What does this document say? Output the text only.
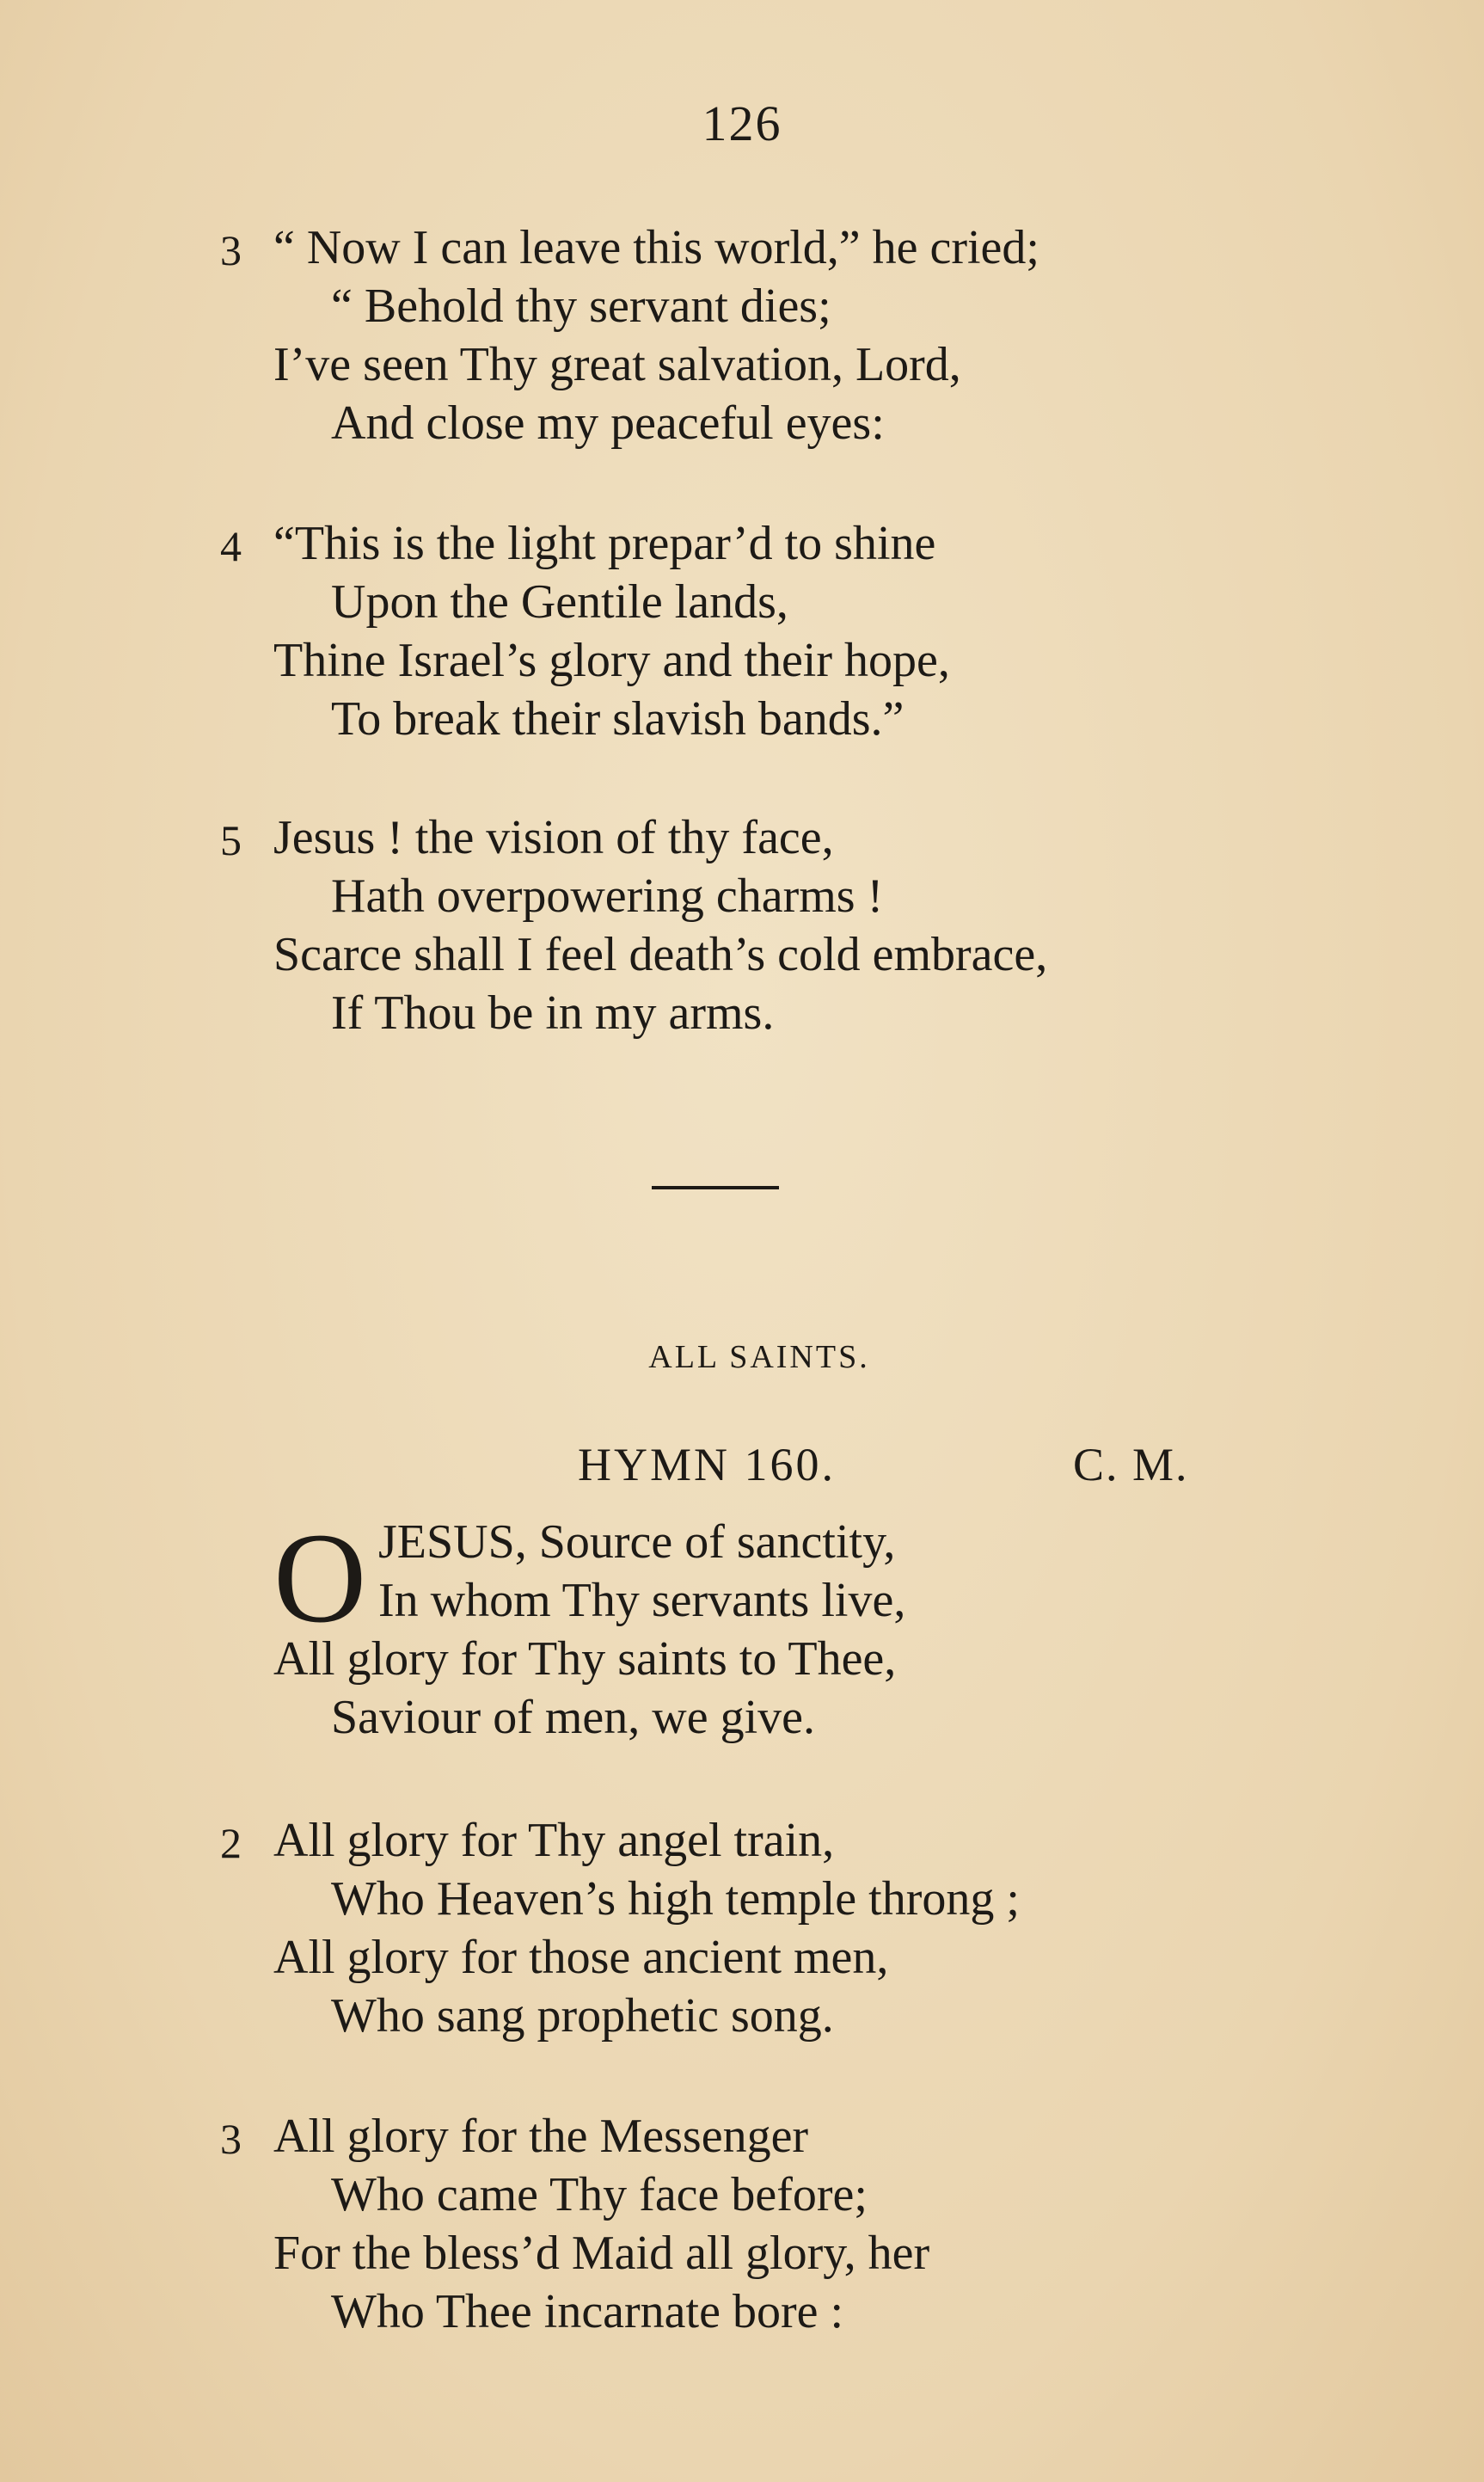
126
3 “ Now I can leave this world,” he cried;
“ Behold thy servant dies;
I’ve seen Thy great salvation, Lord,
And close my peaceful eyes:
4 “This is the light prepar’d to shine
Upon the Gentile lands,
Thine Israel’s glory and their hope,
To break their slavish bands.”
5 Jesus ! the vision of thy face,
Hath overpowering charms !
Scarce shall I feel death’s cold embrace,
If Thou be in my arms.
ALL SAINTS.
HYMN 160.	C. M.
O JESUS, Source of sanctity,
In whom Thy servants live,
All glory for Thy saints to Thee,
Saviour of men, we give.
2 All glory for Thy angel train,
Who Heaven’s high temple throng ;
All glory for those ancient men,
Who sang prophetic song.
3 All glory for the Messenger
Who came Thy face before;
For the bless’d Maid all glory, her
Who Thee incarnate bore :
